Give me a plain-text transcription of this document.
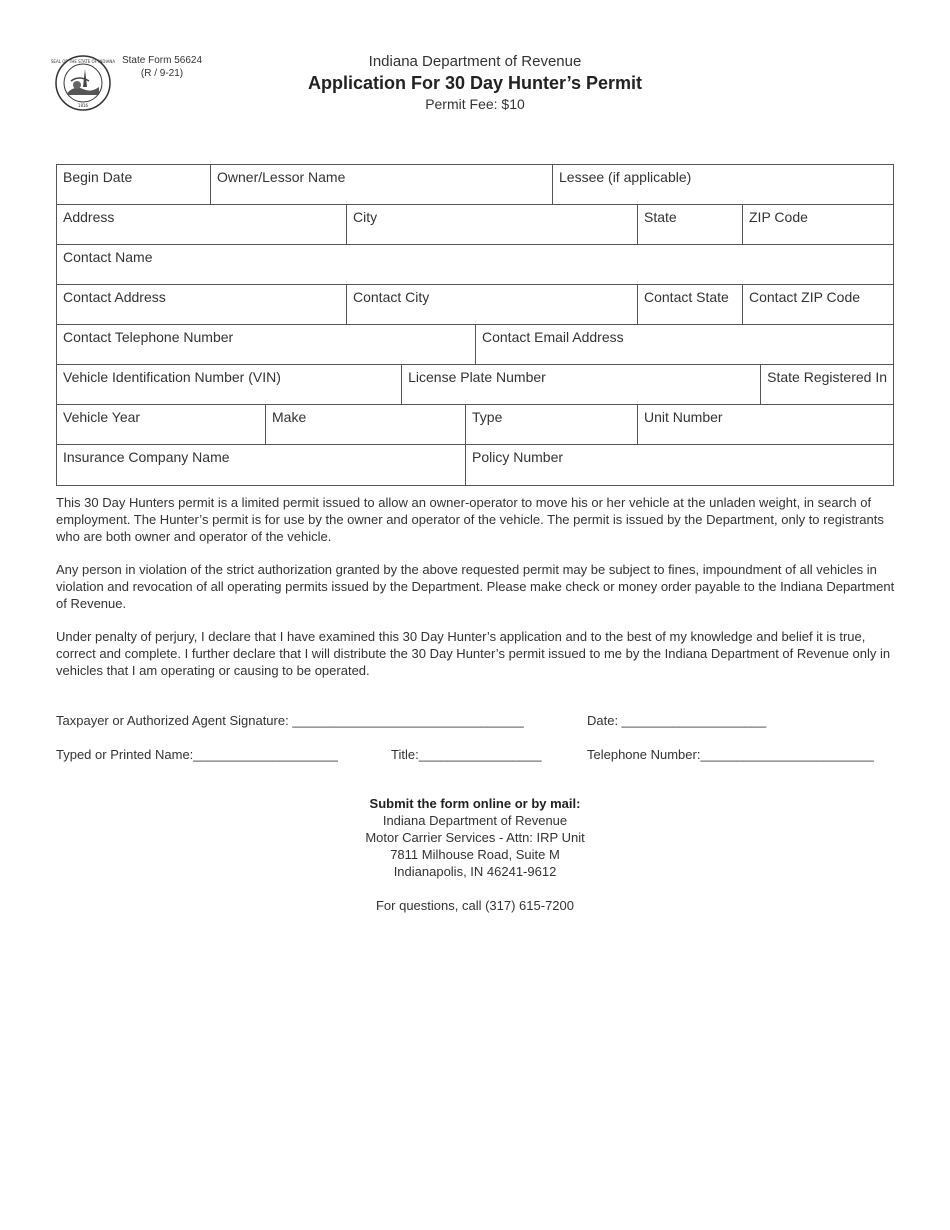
SEAL OF THE STATE OF INDIANA
1816
State Form 56624
(R / 9-21)
Indiana Department of Revenue
Application For 30 Day Hunter’s Permit
Permit Fee: $10
Begin Date	Owner/Lessor Name	Lessee (if applicable)
Address	City	State	ZIP Code
Contact Name
Contact Address	Contact City	Contact State	Contact ZIP Code
Contact Telephone Number	Contact Email Address
Vehicle Identification Number (VIN)	License Plate Number	State Registered In
Vehicle Year	Make	Type	Unit Number
Insurance Company Name	Policy Number

This 30 Day Hunters permit is a limited permit issued to allow an owner-operator to move his or her vehicle at the unladen weight, in search of employment. The Hunter’s permit is for use by the owner and operator of the vehicle. The permit is issued by the Department, only to registrants who are both owner and operator of the vehicle.

Any person in violation of the strict authorization granted by the above requested permit may be subject to fines, impoundment of all vehicles in violation and revocation of all operating permits issued by the Department. Please make check or money order payable to the Indiana Department of Revenue.

Under penalty of perjury, I declare that I have examined this 30 Day Hunter’s application and to the best of my knowledge and belief it is true, correct and complete. I further declare that I will distribute the 30 Day Hunter’s permit issued to me by the Indiana Department of Revenue only in vehicles that I am operating or causing to be operated.

Taxpayer or Authorized Agent Signature: ________________________________	Date: ____________________
Typed or Printed Name:____________________	Title:_________________	Telephone Number:________________________
Submit the form online or by mail:
Indiana Department of Revenue
Motor Carrier Services - Attn: IRP Unit
7811 Milhouse Road, Suite M
Indianapolis, IN 46241-9612
For questions, call (317) 615-7200
